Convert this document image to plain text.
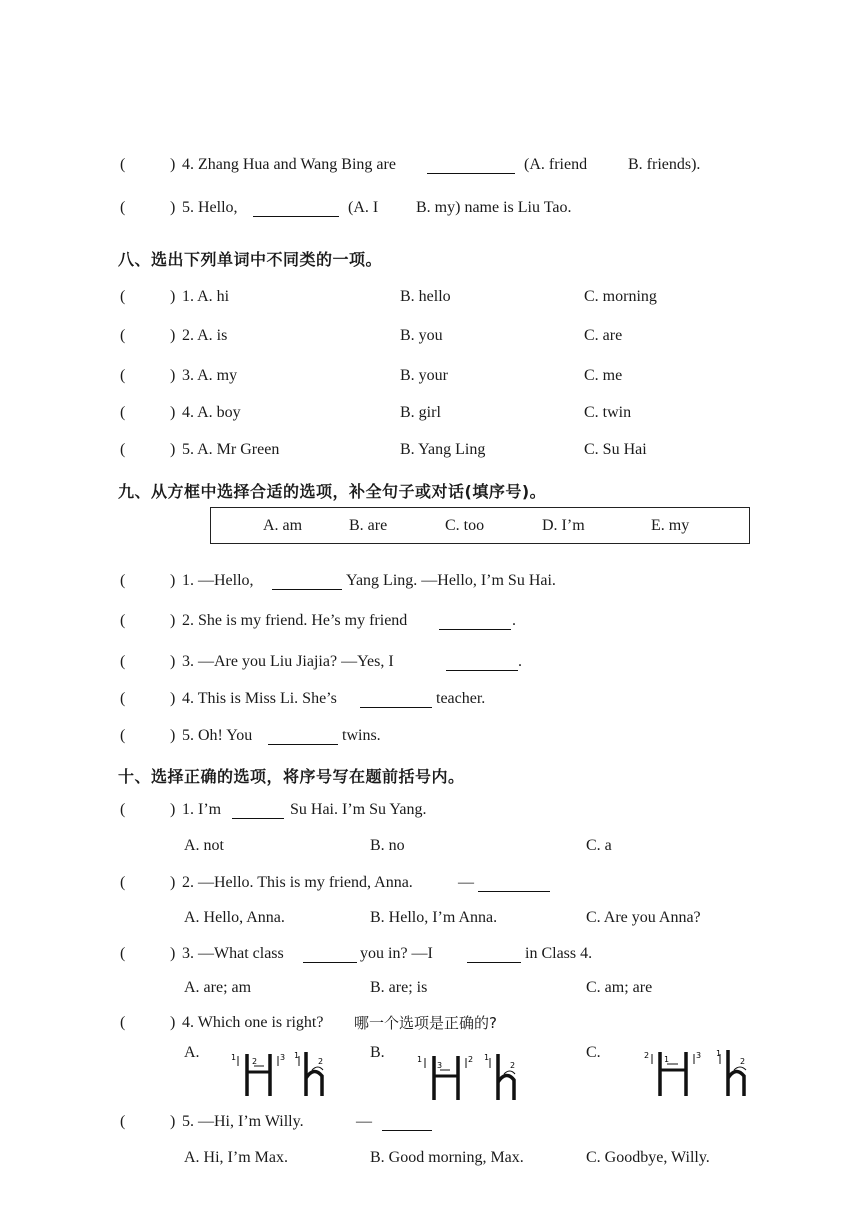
(	) 4. Zhang Hua and Wang Bing are	(A. friend	B. friends).
(	) 5. Hello,	(A. I B. my) name is Liu Tao.
八、选出下列单词中不同类的一项。
(	) 1. A. hi	B. hello	C. morning
(	) 2. A. is	B. you	C. are
(	) 3. A. my	B. your	C. me
(	) 4. A. boy	B. girl	C. twin
(	) 5. A. Mr Green	B. Yang Ling	C. Su Hai
九、从方框中选择合适的选项，补全句子或对话(填序号)。
A. am	B. are	C. too	D. I’m	E. my
(	) 1. —Hello,	Yang Ling. —Hello, I’m Su Hai.
(	) 2. She is my friend. He’s my friend	.
(	) 3. —Are you Liu Jiajia? —Yes, I	.
(	) 4. This is Miss Li. She’s	teacher.
(	) 5. Oh! You	twins.
十、选择正确的选项，将序号写在题前括号内。
(	) 1. I’m	Su Hai. I’m Su Yang.
A. not	B. no	C. a
(	) 2. —Hello. This is my friend, Anna.	—
A. Hello, Anna.	B. Hello, I’m Anna.	C. Are you Anna?
(	) 3. —What class	you in? —I	in Class 4.
A. are; am	B. are; is	C. am; are
(	) 4. Which one is right? 哪一个选项是正确的?
A.	B.	C.
1 2	3 1
2	1
3
2 1
2
2 1	3 1
2
(	) 5. —Hi, I’m Willy.	—
A. Hi, I’m Max.	B. Good morning, Max.	C. Goodbye, Willy.
